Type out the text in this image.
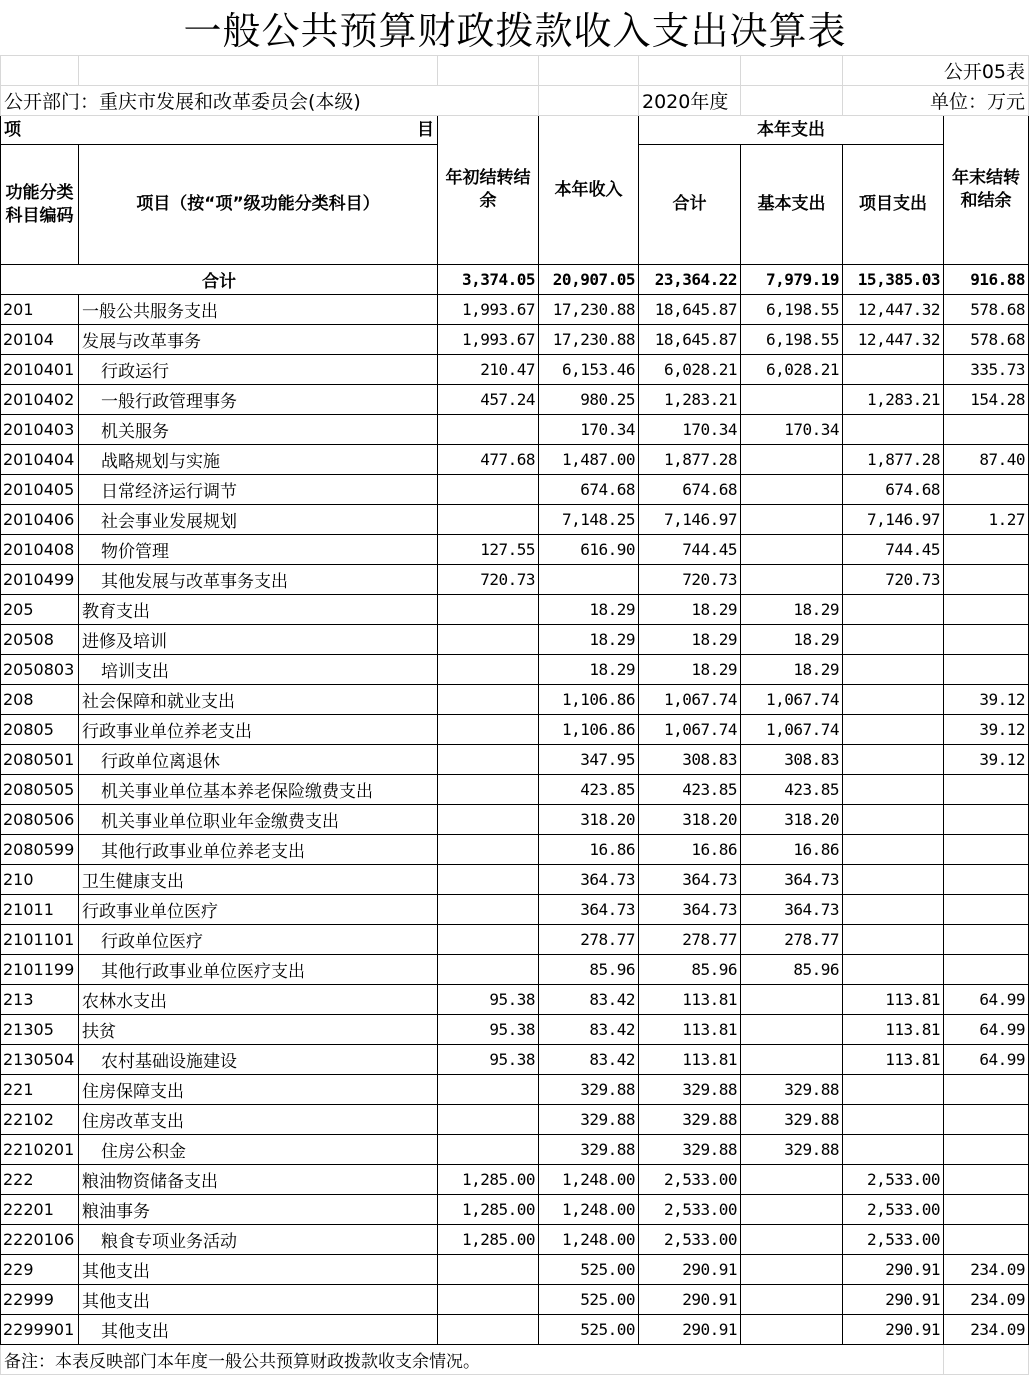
一般公共预算财政拨款收入支出决算表
						公开05表	
公开部门：重庆市发展和改革委员会(本级)				2020年度		单位：万元	

项 目		年初结转结余	本年收入	本年支出			年末结转和结余
功能分类科目编码	项目（按“项”级功能分类科目）			合计	基本支出	项目支出	
合计		3,374.05	20,907.05	23,364.22	7,979.19	15,385.03	916.88
201	一般公共服务支出	1,993.67	17,230.88	18,645.87	6,198.55	12,447.32	578.68
20104	发展与改革事务	1,993.67	17,230.88	18,645.87	6,198.55	12,447.32	578.68
2010401	行政运行	210.47	6,153.46	6,028.21	6,028.21		335.73
2010402	一般行政管理事务	457.24	980.25	1,283.21		1,283.21	154.28
2010403	机关服务		170.34	170.34	170.34		
2010404	战略规划与实施	477.68	1,487.00	1,877.28		1,877.28	87.40
2010405	日常经济运行调节		674.68	674.68		674.68	
2010406	社会事业发展规划		7,148.25	7,146.97		7,146.97	1.27
2010408	物价管理	127.55	616.90	744.45		744.45	
2010499	其他发展与改革事务支出	720.73		720.73		720.73	
205	教育支出		18.29	18.29	18.29		
20508	进修及培训		18.29	18.29	18.29		
2050803	培训支出		18.29	18.29	18.29		
208	社会保障和就业支出		1,106.86	1,067.74	1,067.74		39.12
20805	行政事业单位养老支出		1,106.86	1,067.74	1,067.74		39.12
2080501	行政单位离退休		347.95	308.83	308.83		39.12
2080505	机关事业单位基本养老保险缴费支出		423.85	423.85	423.85		
2080506	机关事业单位职业年金缴费支出		318.20	318.20	318.20		
2080599	其他行政事业单位养老支出		16.86	16.86	16.86		
210	卫生健康支出		364.73	364.73	364.73		
21011	行政事业单位医疗		364.73	364.73	364.73		
2101101	行政单位医疗		278.77	278.77	278.77		
2101199	其他行政事业单位医疗支出		85.96	85.96	85.96		
213	农林水支出	95.38	83.42	113.81		113.81	64.99
21305	扶贫	95.38	83.42	113.81		113.81	64.99
2130504	农村基础设施建设	95.38	83.42	113.81		113.81	64.99
221	住房保障支出		329.88	329.88	329.88		
22102	住房改革支出		329.88	329.88	329.88		
2210201	住房公积金		329.88	329.88	329.88		
222	粮油物资储备支出	1,285.00	1,248.00	2,533.00		2,533.00	
22201	粮油事务	1,285.00	1,248.00	2,533.00		2,533.00	
2220106	粮食专项业务活动	1,285.00	1,248.00	2,533.00		2,533.00	
229	其他支出		525.00	290.91		290.91	234.09
22999	其他支出		525.00	290.91		290.91	234.09
2299901	其他支出		525.00	290.91		290.91	234.09
备注：本表反映部门本年度一般公共预算财政拨款收支余情况。							
